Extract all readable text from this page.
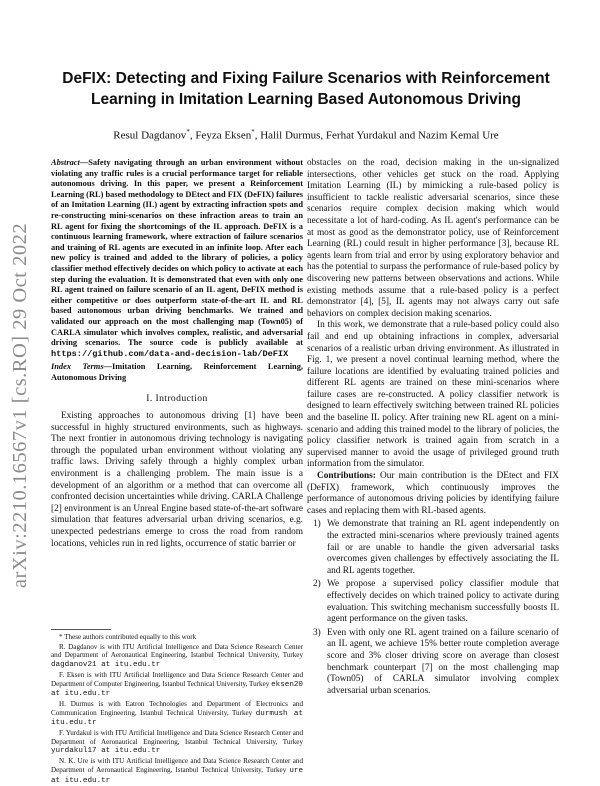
arXiv:2210.16567v1 [cs.RO] 29 Oct 2022
DeFIX: Detecting and Fixing Failure Scenarios with Reinforcement
Learning in Imitation Learning Based Autonomous Driving
Resul Dagdanov*, Feyza Eksen*, Halil Durmus, Ferhat Yurdakul and Nazim Kemal Ure
Abstract—Safety navigating through an urban environment without violating any traffic rules is a crucial performance target for reliable autonomous driving. In this paper, we present a Reinforcement Learning (RL) based methodology to DEtect and FIX (DeFIX) failures of an Imitation Learning (IL) agent by extracting infraction spots and re-constructing mini-scenarios on these infraction areas to train an RL agent for fixing the shortcomings of the IL approach. DeFIX is a continuous learning framework, where extraction of failure scenarios and training of RL agents are executed in an infinite loop. After each new policy is trained and added to the library of policies, a policy classifier method effectively decides on which policy to activate at each step during the evaluation. It is demonstrated that even with only one RL agent trained on failure scenario of an IL agent, DeFIX method is either competitive or does outperform state-of-the-art IL and RL based autonomous urban driving benchmarks. We trained and validated our approach on the most challenging map (Town05) of CARLA simulator which involves complex, realistic, and adversarial driving scenarios. The source code is publicly available at https://github.com/data-and-decision-lab/DeFIX
Index Terms—Imitation Learning, Reinforcement Learning, Autonomous Driving
I. Introduction

Existing approaches to autonomous driving [1] have been successful in highly structured environments, such as highways. The next frontier in autonomous driving technology is navigating through the populated urban environment without violating any traffic laws. Driving safely through a highly complex urban environment is a challenging problem. The main issue is a development of an algorithm or a method that can overcome all confronted decision uncertainties while driving. CARLA Challenge [2] environment is an Unreal Engine based state-of-the-art software simulation that features adversarial urban driving scenarios, e.g. unexpected pedestrians emerge to cross the road from random locations, vehicles run in red lights, occurrence of static barrier or

* These authors contributed equally to this work

R. Dagdanov is with ITU Artificial Intelligence and Data Science Research Center and Department of Aeronautical Engineering, Istanbul Technical University, Turkey dagdanov21 at itu.edu.tr

F. Eksen is with ITU Artificial Intelligence and Data Science Research Center and Department of Computer Engineering, Istanbul Technical University, Turkey eksen20 at itu.edu.tr

H. Durmus is with Eatron Technologies and Department of Electronics and Communication Engineering, Istanbul Technical University, Turkey durmush at itu.edu.tr

F. Yurdakul is with ITU Artificial Intelligence and Data Science Research Center and Department of Aeronautical Engineering, Istanbul Technical University, Turkey yurdakul17 at itu.edu.tr

N. K. Ure is with ITU Artificial Intelligence and Data Science Research Center and Department of Aeronautical Engineering, Istanbul Technical University, Turkey ure at itu.edu.tr

obstacles on the road, decision making in the un-signalized intersections, other vehicles get stuck on the road. Applying Imitation Learning (IL) by mimicking a rule-based policy is insufficient to tackle realistic adversarial scenarios, since these scenarios require complex decision making which would necessitate a lot of hard-coding. As IL agent's performance can be at most as good as the demonstrator policy, use of Reinforcement Learning (RL) could result in higher performance [3], because RL agents learn from trial and error by using exploratory behavior and has the potential to surpass the performance of rule-based policy by discovering new patterns between observations and actions. While existing methods assume that a rule-based policy is a perfect demonstrator [4], [5], IL agents may not always carry out safe behaviors on complex decision making scenarios.

In this work, we demonstrate that a rule-based policy could also fail and end up obtaining infractions in complex, adversarial scenarios of a realistic urban driving environment. As illustrated in Fig. 1, we present a novel continual learning method, where the failure locations are identified by evaluating trained policies and different RL agents are trained on these mini-scenarios where failure cases are re-constructed. A policy classifier network is designed to learn effectively switching between trained RL policies and the baseline IL policy. After training new RL agent on a mini-scenario and adding this trained model to the library of policies, the policy classifier network is trained again from scratch in a supervised manner to avoid the usage of privileged ground truth information from the simulator.

Contributions: Our main contribution is the DEtect and FIX (DeFIX) framework, which continuously improves the performance of autonomous driving policies by identifying failure cases and replacing them with RL-based agents.

1) We demonstrate that training an RL agent independently on the extracted mini-scenarios where previously trained agents fail or are unable to handle the given adversarial tasks overcomes given challenges by effectively associating the IL and RL agents together.
2) We propose a supervised policy classifier module that effectively decides on which trained policy to activate during evaluation. This switching mechanism successfully boosts IL agent performance on the given tasks.
3) Even with only one RL agent trained on a failure scenario of an IL agent, we achieve 15% better route completion average score and 3% closer driving score on average than closest benchmark counterpart [7] on the most challenging map (Town05) of CARLA simulator involving complex adversarial urban scenarios.
